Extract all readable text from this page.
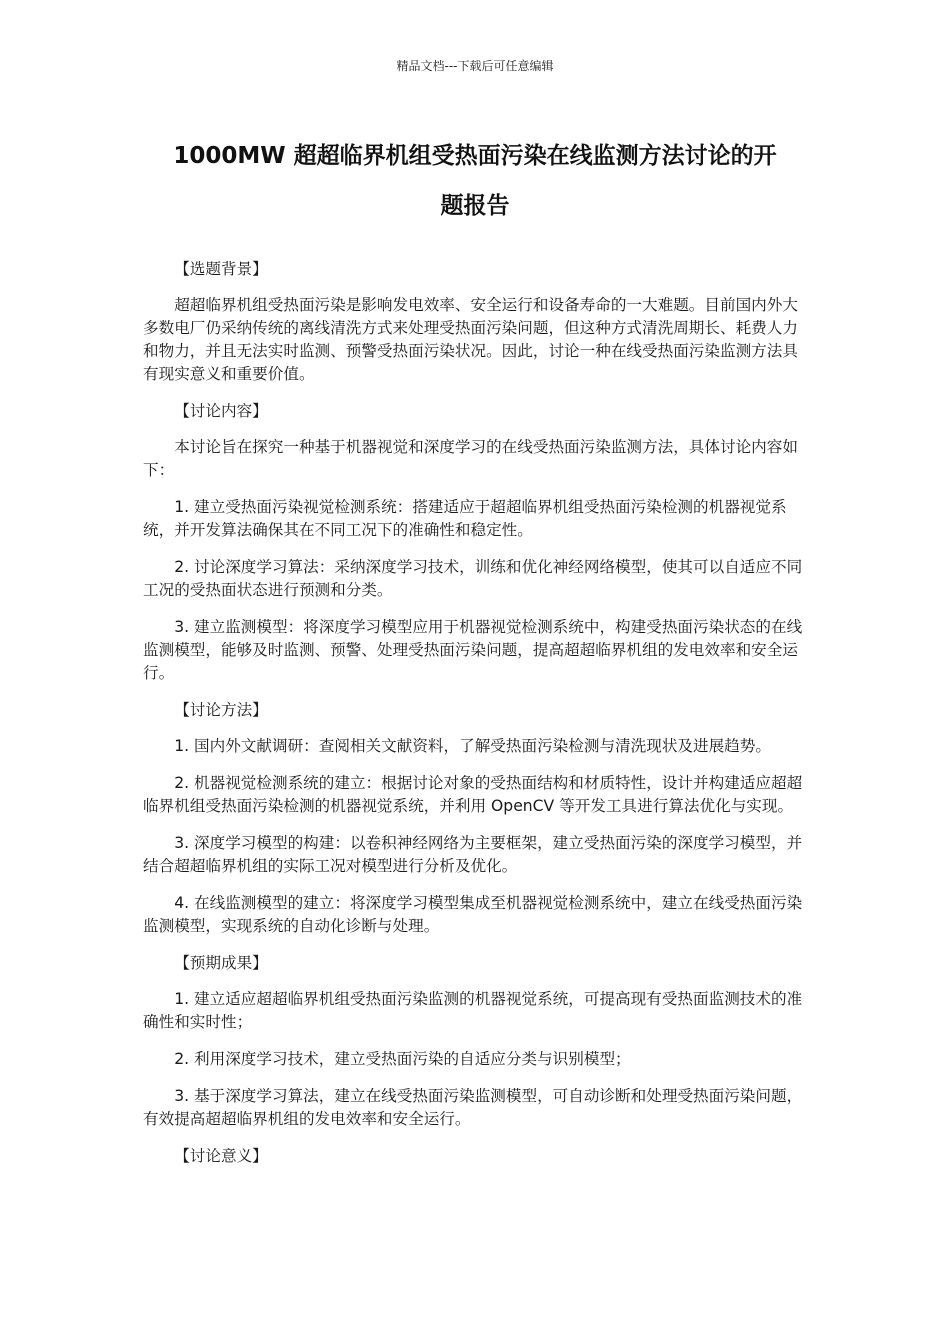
精品文档---下载后可任意编辑
1000MW 超超临界机组受热面污染在线监测方法讨论的开
题报告

【选题背景】

超超临界机组受热面污染是影响发电效率、安全运行和设备寿命的一大难题。目前国内外大多数电厂仍采纳传统的离线清洗方式来处理受热面污染问题，但这种方式清洗周期长、耗费人力和物力，并且无法实时监测、预警受热面污染状况。因此，讨论一种在线受热面污染监测方法具有现实意义和重要价值。

【讨论内容】

本讨论旨在探究一种基于机器视觉和深度学习的在线受热面污染监测方法，具体讨论内容如下：

1. 建立受热面污染视觉检测系统：搭建适应于超超临界机组受热面污染检测的机器视觉系统，并开发算法确保其在不同工况下的准确性和稳定性。

2. 讨论深度学习算法：采纳深度学习技术，训练和优化神经网络模型，使其可以自适应不同工况的受热面状态进行预测和分类。

3. 建立监测模型：将深度学习模型应用于机器视觉检测系统中，构建受热面污染状态的在线监测模型，能够及时监测、预警、处理受热面污染问题，提高超超临界机组的发电效率和安全运行。

【讨论方法】

1. 国内外文献调研：查阅相关文献资料，了解受热面污染检测与清洗现状及进展趋势。

2. 机器视觉检测系统的建立：根据讨论对象的受热面结构和材质特性，设计并构建适应超超临界机组受热面污染检测的机器视觉系统，并利用 OpenCV 等开发工具进行算法优化与实现。

3. 深度学习模型的构建：以卷积神经网络为主要框架，建立受热面污染的深度学习模型，并结合超超临界机组的实际工况对模型进行分析及优化。

4. 在线监测模型的建立：将深度学习模型集成至机器视觉检测系统中，建立在线受热面污染监测模型，实现系统的自动化诊断与处理。

【预期成果】

1. 建立适应超超临界机组受热面污染监测的机器视觉系统，可提高现有受热面监测技术的准确性和实时性；

2. 利用深度学习技术，建立受热面污染的自适应分类与识别模型；

3. 基于深度学习算法，建立在线受热面污染监测模型，可自动诊断和处理受热面污染问题，有效提高超超临界机组的发电效率和安全运行。

【讨论意义】
